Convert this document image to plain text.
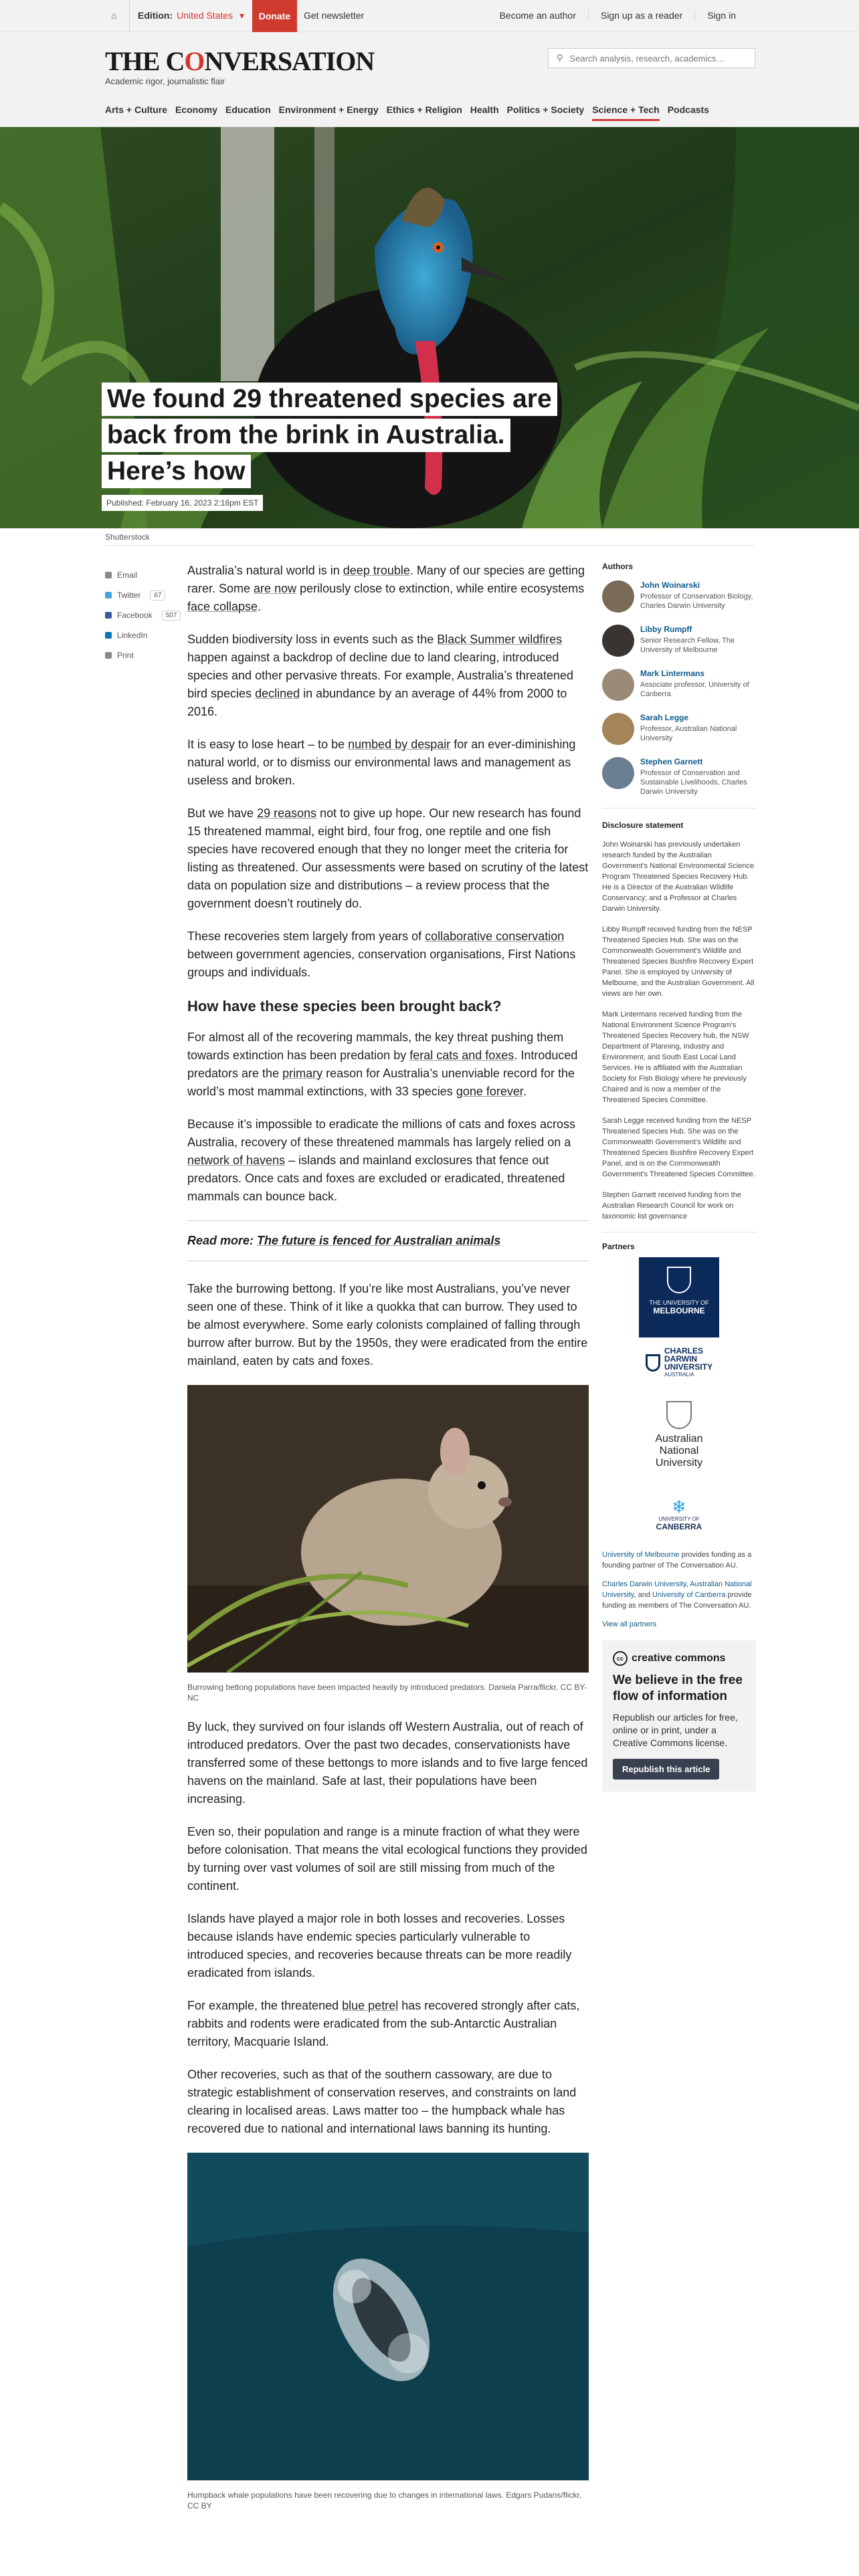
⌂ Edition: United States ▾	Donate	Get newsletter	Become an author	Sign up as a reader	Sign in
THE CONVERSATION
Academic rigor, journalistic flair
⚲ Search analysis, research, academics…
Arts + Culture Economy Education Environment + Energy Ethics + Religion Health Politics + Society Science + Tech Podcasts
We found 29 threatened species are
back from the brink in Australia.
Here’s how
Published: February 16, 2023 2:18pm EST
Shutterstock
Email
Twitter	67
Facebook	507
LinkedIn
Print

Australia’s natural world is in deep trouble. Many of our species are getting rarer. Some are now perilously close to extinction, while entire ecosystems face collapse.

Sudden biodiversity loss in events such as the Black Summer wildfires happen against a backdrop of decline due to land clearing, introduced species and other pervasive threats. For example, Australia’s threatened bird species declined in abundance by an average of 44% from 2000 to 2016.

It is easy to lose heart – to be numbed by despair for an ever-diminishing natural world, or to dismiss our environmental laws and management as useless and broken.

But we have 29 reasons not to give up hope. Our new research has found 15 threatened mammal, eight bird, four frog, one reptile and one fish species have recovered enough that they no longer meet the criteria for listing as threatened. Our assessments were based on scrutiny of the latest data on population size and distributions – a review process that the government doesn’t routinely do.

These recoveries stem largely from years of collaborative conservation between government agencies, conservation organisations, First Nations groups and individuals.

How have these species been brought back?

For almost all of the recovering mammals, the key threat pushing them towards extinction has been predation by feral cats and foxes. Introduced predators are the primary reason for Australia’s unenviable record for the world’s most mammal extinctions, with 33 species gone forever.

Because it’s impossible to eradicate the millions of cats and foxes across Australia, recovery of these threatened mammals has largely relied on a network of havens – islands and mainland exclosures that fence out predators. Once cats and foxes are excluded or eradicated, threatened mammals can bounce back.

Read more: The future is fenced for Australian animals

Take the burrowing bettong. If you’re like most Australians, you’ve never seen one of these. Think of it like a quokka that can burrow. They used to be almost everywhere. Some early colonists complained of falling through burrow after burrow. But by the 1950s, they were eradicated from the entire mainland, eaten by cats and foxes.

Burrowing bettong populations have been impacted heavily by introduced predators. Daniela Parra/flickr, CC BY-NC

By luck, they survived on four islands off Western Australia, out of reach of introduced predators. Over the past two decades, conservationists have transferred some of these bettongs to more islands and to five large fenced havens on the mainland. Safe at last, their populations have been increasing.

Even so, their population and range is a minute fraction of what they were before colonisation. That means the vital ecological functions they provided by turning over vast volumes of soil are still missing from much of the continent.

Islands have played a major role in both losses and recoveries. Losses because islands have endemic species particularly vulnerable to introduced species, and recoveries because threats can be more readily eradicated from islands.

For example, the threatened blue petrel has recovered strongly after cats, rabbits and rodents were eradicated from the sub-Antarctic Australian territory, Macquarie Island.

Other recoveries, such as that of the southern cassowary, are due to strategic establishment of conservation reserves, and constraints on land clearing in localised areas. Laws matter too – the humpback whale has recovered due to national and international laws banning its hunting.

Humpback whale populations have been recovering due to changes in international laws. Edgars Pudans/flickr, CC BY
Authors
John Woinarski
Professor of Conservation Biology, Charles Darwin University
Libby Rumpff
Senior Research Fellow, The University of Melbourne
Mark Lintermans
Associate professor, University of Canberra
Sarah Legge
Professor, Australian National University
Stephen Garnett
Professor of Conservation and Sustainable Livelihoods, Charles Darwin University
Disclosure statement

John Woinarski has previously undertaken research funded by the Australian Government's National Environmental Science Program Threatened Species Recovery Hub. He is a Director of the Australian Wildlife Conservancy; and a Professor at Charles Darwin University.

Libby Rumpff received funding from the NESP Threatened Species Hub. She was on the Commonwealth Government's Wildlife and Threatened Species Bushfire Recovery Expert Panel. She is employed by University of Melbourne, and the Australian Government. All views are her own.

Mark Lintermans received funding from the National Environment Science Program's Threatened Species Recovery hub, the NSW Department of Planning, Industry and Environment, and South East Local Land Services. He is affiliated with the Australian Society for Fish Biology where he previously Chaired and is now a member of the Threatened Species Committee.

Sarah Legge received funding from the NESP Threatened Species Hub. She was on the Commonwealth Government's Wildlife and Threatened Species Bushfire Recovery Expert Panel, and is on the Commonwealth Government's Threatened Species Committee.

Stephen Garnett received funding from the Australian Research Council for work on taxonomic list governance

Partners
THE UNIVERSITY OF
MELBOURNE
CHARLES
DARWIN
UNIVERSITY
AUSTRALIA
Australian
National
University
❄
UNIVERSITY OF
CANBERRA
University of Melbourne provides funding as a founding partner of The Conversation AU.
Charles Darwin University, Australian National University, and University of Canberra provide funding as members of The Conversation AU.
View all partners
cc creative commons
We believe in the free flow of information

Republish our articles for free, online or in print, under a Creative Commons license.

Republish this article
